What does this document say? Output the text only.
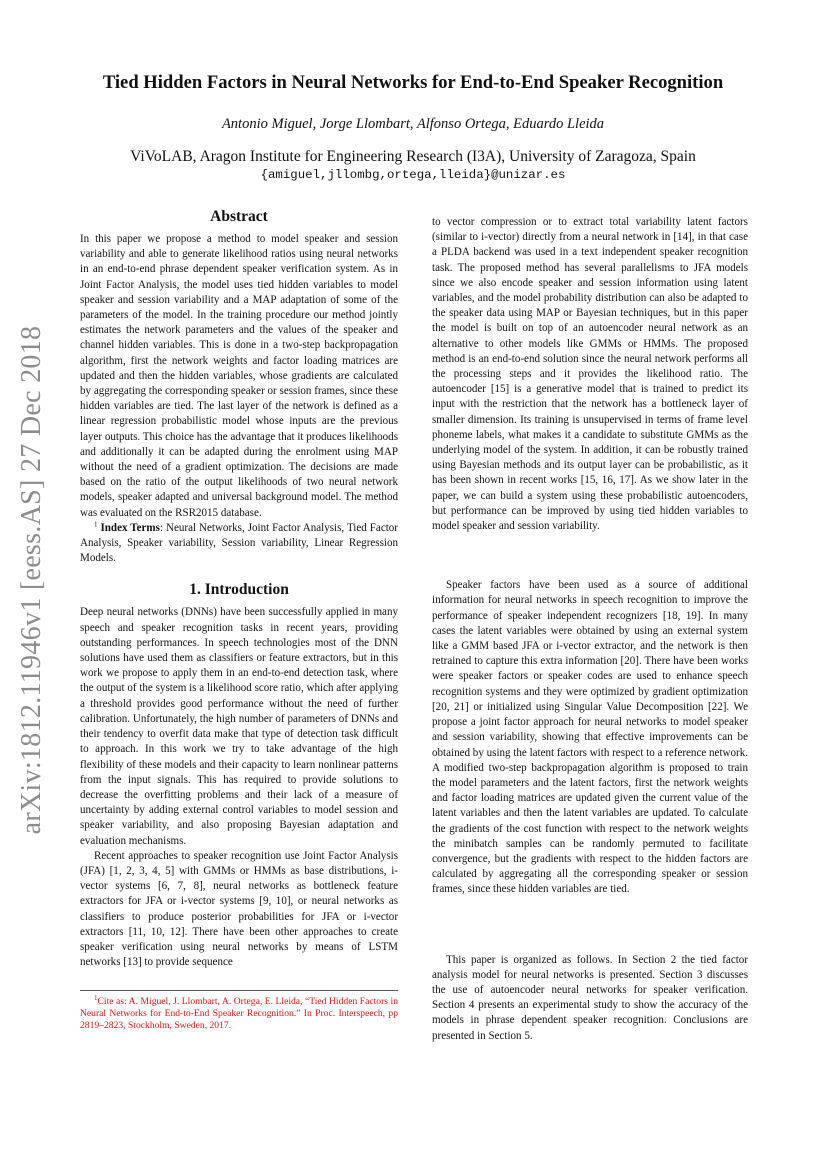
arXiv:1812.11946v1 [eess.AS] 27 Dec 2018
Tied Hidden Factors in Neural Networks for End-to-End Speaker Recognition
Antonio Miguel, Jorge Llombart, Alfonso Ortega, Eduardo Lleida
ViVoLAB, Aragon Institute for Engineering Research (I3A), University of Zaragoza, Spain
{amiguel,jllombg,ortega,lleida}@unizar.es
Abstract

In this paper we propose a method to model speaker and session variability and able to generate likelihood ratios using neural networks in an end-to-end phrase dependent speaker verification system. As in Joint Factor Analysis, the model uses tied hidden variables to model speaker and session variability and a MAP adaptation of some of the parameters of the model. In the training procedure our method jointly estimates the network parameters and the values of the speaker and channel hidden variables. This is done in a two-step backpropagation algorithm, first the network weights and factor loading matrices are updated and then the hidden variables, whose gradients are calculated by aggregating the corresponding speaker or session frames, since these hidden variables are tied. The last layer of the network is defined as a linear regression probabilistic model whose inputs are the previous layer outputs. This choice has the advantage that it produces likelihoods and additionally it can be adapted during the enrolment using MAP without the need of a gradient optimization. The decisions are made based on the ratio of the output likelihoods of two neural network models, speaker adapted and universal background model. The method was evaluated on the RSR2015 database.

$^1$ Index Terms: Neural Networks, Joint Factor Analysis, Tied Factor Analysis, Speaker variability, Session variability, Linear Regression Models.

1. Introduction

Deep neural networks (DNNs) have been successfully applied in many speech and speaker recognition tasks in recent years, providing outstanding performances. In speech technologies most of the DNN solutions have used them as classifiers or feature extractors, but in this work we propose to apply them in an end-to-end detection task, where the output of the system is a likelihood score ratio, which after applying a threshold provides good performance without the need of further calibration. Unfortunately, the high number of parameters of DNNs and their tendency to overfit data make that type of detection task difficult to approach. In this work we try to take advantage of the high flexibility of these models and their capacity to learn nonlinear patterns from the input signals. This has required to provide solutions to decrease the overfitting problems and their lack of a measure of uncertainty by adding external control variables to model session and speaker variability, and also proposing Bayesian adaptation and evaluation mechanisms.

Recent approaches to speaker recognition use Joint Factor Analysis (JFA) [1, 2, 3, 4, 5] with GMMs or HMMs as base distributions, i-vector systems [6, 7, 8], neural networks as bottleneck feature extractors for JFA or i-vector systems [9, 10], or neural networks as classifiers to produce posterior probabilities for JFA or i-vector extractors [11, 10, 12]. There have been other approaches to create speaker verification using neural networks by means of LSTM networks [13] to provide sequence

to vector compression or to extract total variability latent factors (similar to i-vector) directly from a neural network in [14], in that case a PLDA backend was used in a text independent speaker recognition task. The proposed method has several parallelisms to JFA models since we also encode speaker and session information using latent variables, and the model probability distribution can also be adapted to the speaker data using MAP or Bayesian techniques, but in this paper the model is built on top of an autoencoder neural network as an alternative to other models like GMMs or HMMs. The proposed method is an end-to-end solution since the neural network performs all the processing steps and it provides the likelihood ratio. The autoencoder [15] is a generative model that is trained to predict its input with the restriction that the network has a bottleneck layer of smaller dimension. Its training is unsupervised in terms of frame level phoneme labels, what makes it a candidate to substitute GMMs as the underlying model of the system. In addition, it can be robustly trained using Bayesian methods and its output layer can be probabilistic, as it has been shown in recent works [15, 16, 17]. As we show later in the paper, we can build a system using these probabilistic autoencoders, but performance can be improved by using tied hidden variables to model speaker and session variability.

Speaker factors have been used as a source of additional information for neural networks in speech recognition to improve the performance of speaker independent recognizers [18, 19]. In many cases the latent variables were obtained by using an external system like a GMM based JFA or i-vector extractor, and the network is then retrained to capture this extra information [20]. There have been works were speaker factors or speaker codes are used to enhance speech recognition systems and they were optimized by gradient optimization [20, 21] or initialized using Singular Value Decomposition [22]. We propose a joint factor approach for neural networks to model speaker and session variability, showing that effective improvements can be obtained by using the latent factors with respect to a reference network. A modified two-step backpropagation algorithm is proposed to train the model parameters and the latent factors, first the network weights and factor loading matrices are updated given the current value of the latent variables and then the latent variables are updated. To calculate the gradients of the cost function with respect to the network weights the minibatch samples can be randomly permuted to facilitate convergence, but the gradients with respect to the hidden factors are calculated by aggregating all the corresponding speaker or session frames, since these hidden variables are tied.

This paper is organized as follows. In Section 2 the tied factor analysis model for neural networks is presented. Section 3 discusses the use of autoencoder neural networks for speaker verification. Section 4 presents an experimental study to show the accuracy of the models in phrase dependent speaker recognition. Conclusions are presented in Section 5.

$^1$Cite as: A. Miguel, J. Llombart, A. Ortega, E. Lleida, “Tied Hidden Factors in Neural Networks for End-to-End Speaker Recognition.” In Proc. Interspeech, pp 2819–2823, Stockholm, Sweden, 2017.
